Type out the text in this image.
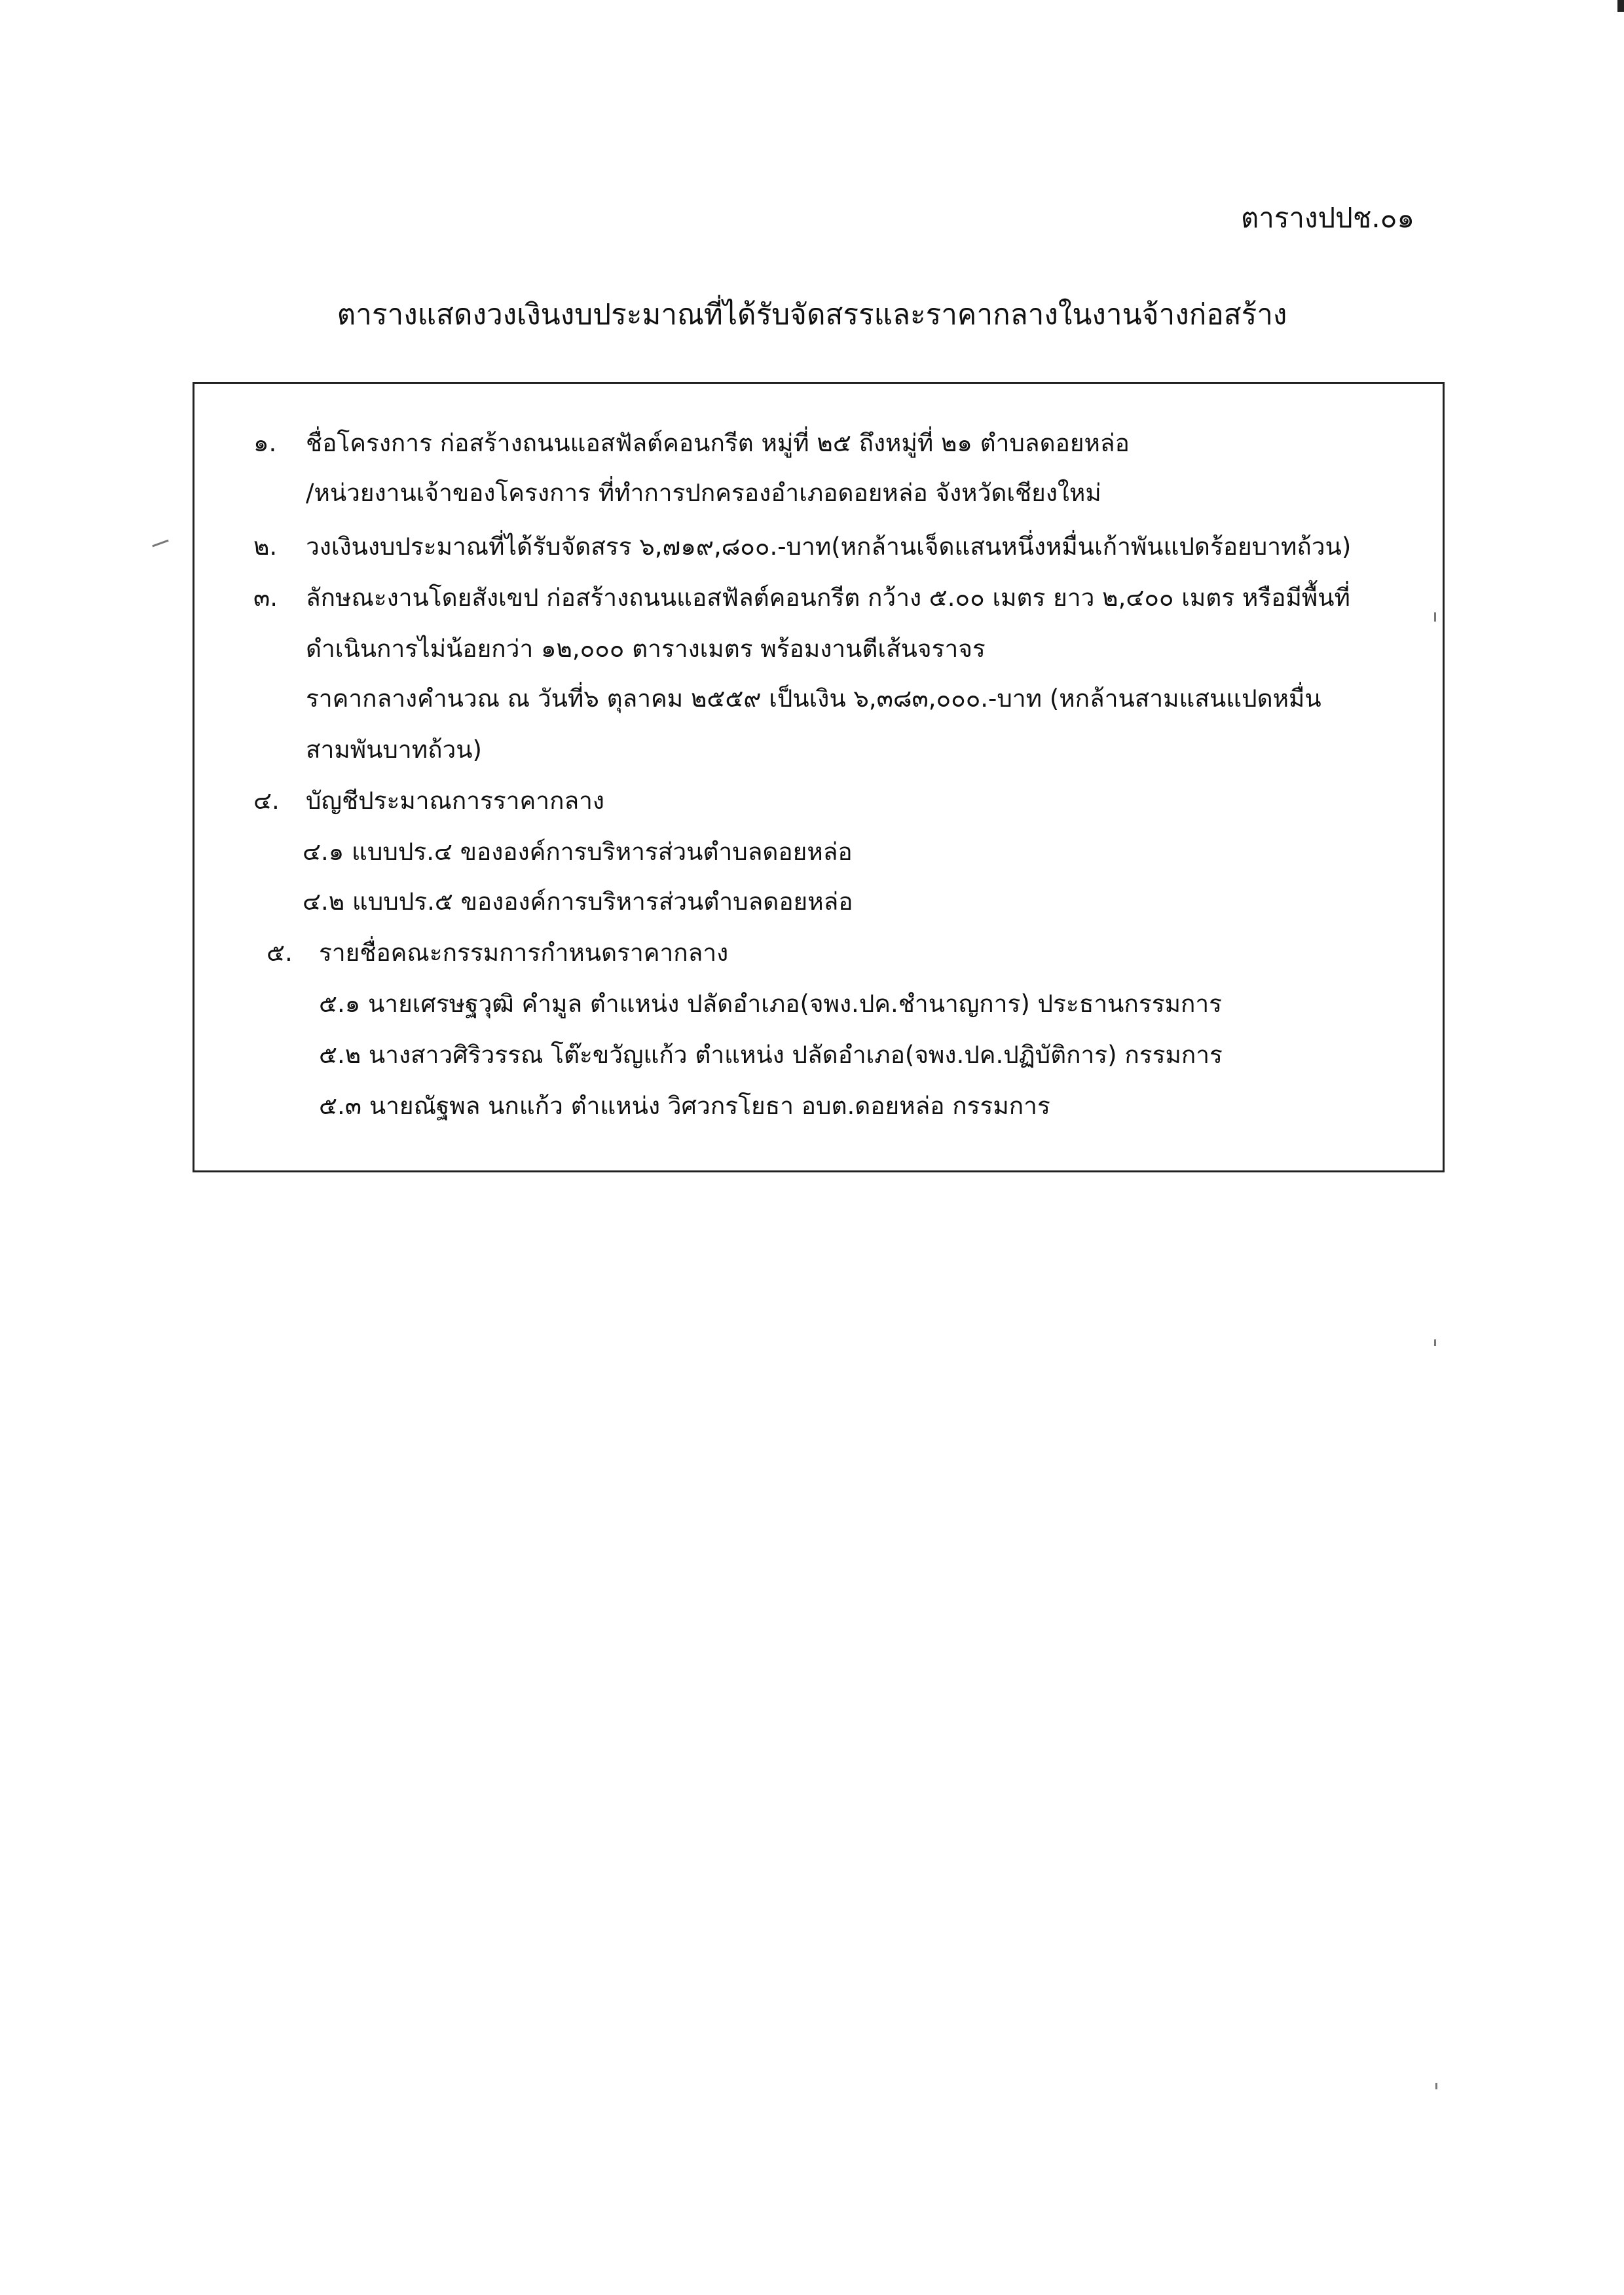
ตารางปปช.๐๑
ตารางแสดงวงเงินงบประมาณที่ได้รับจัดสรรและราคากลางในงานจ้างก่อสร้าง
๑. ชื่อโครงการ ก่อสร้างถนนแอสฟัลต์คอนกรีต หมู่ที่ ๒๕ ถึงหมู่ที่ ๒๑ ตำบลดอยหล่อ
/หน่วยงานเจ้าของโครงการ ที่ทำการปกครองอำเภอดอยหล่อ จังหวัดเชียงใหม่
๒. วงเงินงบประมาณที่ได้รับจัดสรร ๖,๗๑๙,๘๐๐.-บาท(หกล้านเจ็ดแสนหนึ่งหมื่นเก้าพันแปดร้อยบาทถ้วน)
๓. ลักษณะงานโดยสังเขป ก่อสร้างถนนแอสฟัลต์คอนกรีต กว้าง ๕.๐๐ เมตร ยาว ๒,๔๐๐ เมตร หรือมีพื้นที่
ดำเนินการไม่น้อยกว่า ๑๒,๐๐๐ ตารางเมตร พร้อมงานตีเส้นจราจร
ราคากลางคำนวณ ณ วันที่๖ ตุลาคม ๒๕๕๙ เป็นเงิน ๖,๓๘๓,๐๐๐.-บาท (หกล้านสามแสนแปดหมื่น
สามพันบาทถ้วน)
๔. บัญชีประมาณการราคากลาง
๔.๑ แบบปร.๔ ขององค์การบริหารส่วนตำบลดอยหล่อ
๔.๒ แบบปร.๕ ขององค์การบริหารส่วนตำบลดอยหล่อ
๕. รายชื่อคณะกรรมการกำหนดราคากลาง
๕.๑ นายเศรษฐวุฒิ คำมูล ตำแหน่ง ปลัดอำเภอ(จพง.ปค.ชำนาญการ) ประธานกรรมการ
๕.๒ นางสาวศิริวรรณ โต๊ะขวัญแก้ว ตำแหน่ง ปลัดอำเภอ(จพง.ปค.ปฏิบัติการ) กรรมการ
๕.๓ นายณัฐพล นกแก้ว ตำแหน่ง วิศวกรโยธา อบต.ดอยหล่อ กรรมการ
